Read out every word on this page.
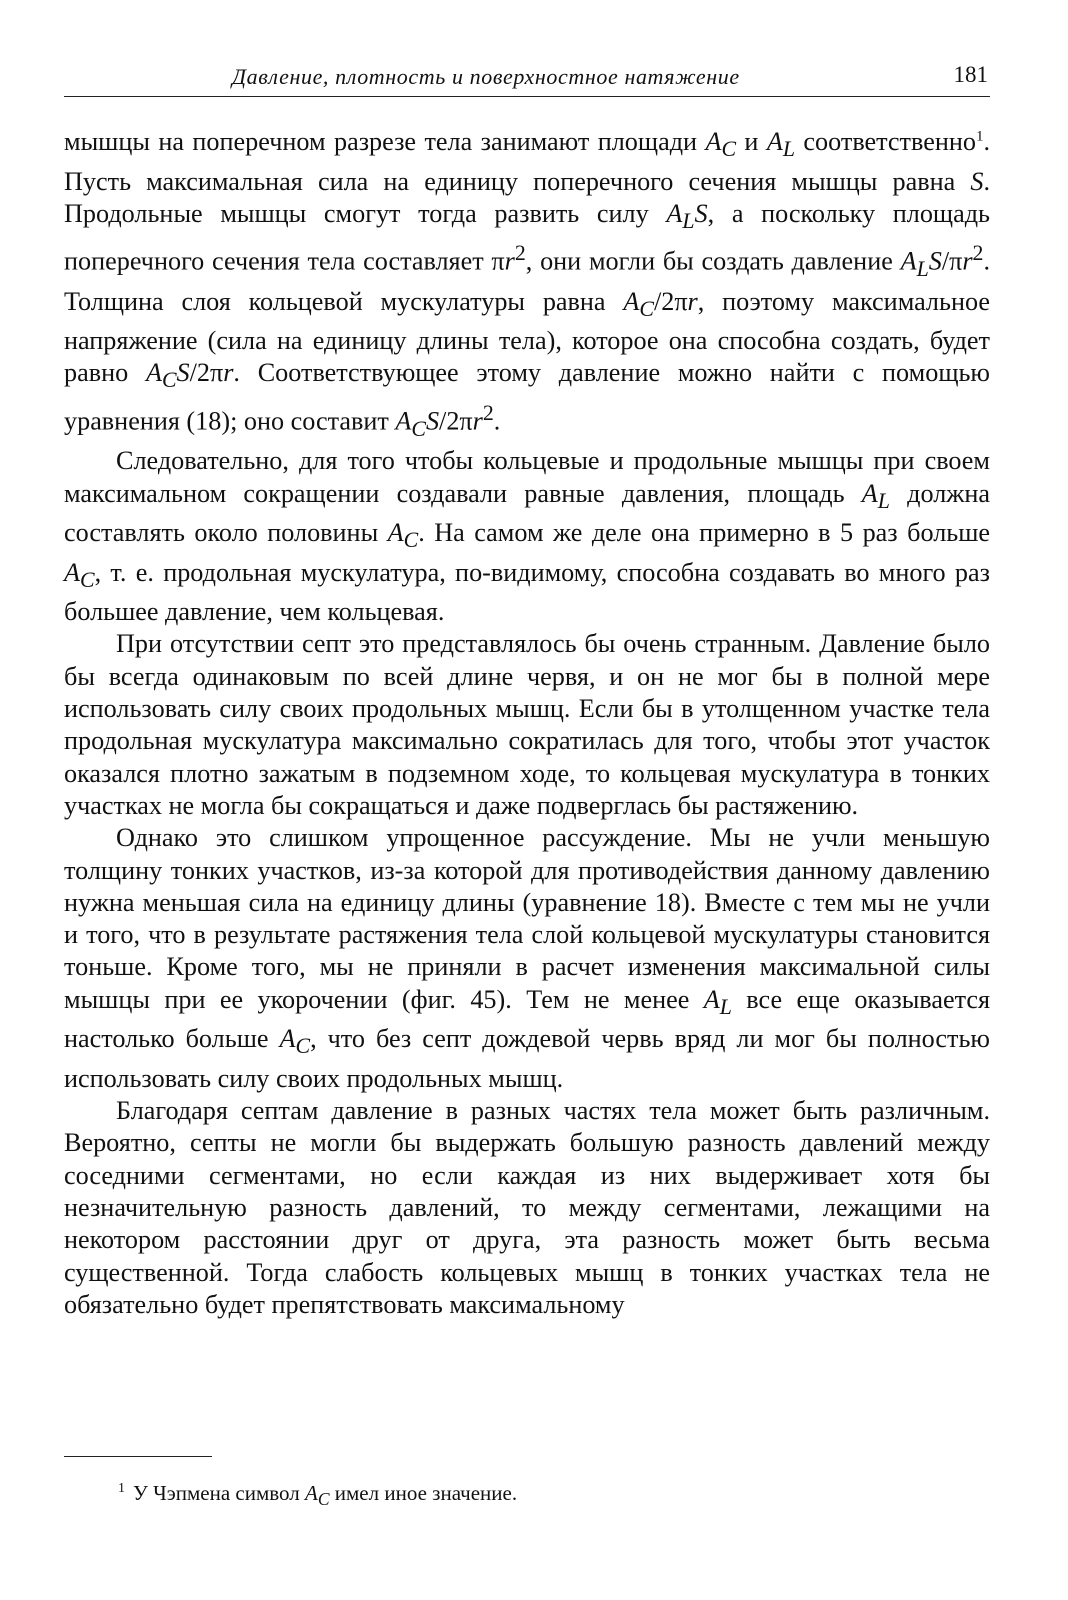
Давление, плотность и поверхностное натяжение	181

мышцы на поперечном разрезе тела занимают площади $A_C$ и $A_L$ соответственно$^1$. Пусть максимальная сила на единицу поперечного сечения мышцы равна S. Продольные мышцы смогут тогда развить силу $A_LS$, а поскольку площадь поперечного сечения тела составляет $\pi r^2$, они могли бы создать давление $A_LS/\pi r^2$. Толщина слоя кольцевой мускулатуры равна $A_C/2\pi r$, поэтому максимальное напряжение (сила на единицу длины тела), которое она способна создать, будет равно $A_CS/2\pi r$. Соответствующее этому давление можно найти с помощью уравнения (18); оно составит $A_CS/2\pi r^2$.

Следовательно, для того чтобы кольцевые и продольные мышцы при своем максимальном сокращении создавали равные давления, площадь $A_L$ должна составлять около половины $A_C$. На самом же деле она примерно в 5 раз больше $A_C$, т. е. продольная мускулатура, по-видимому, способна создавать во много раз большее давление, чем кольцевая.

При отсутствии септ это представлялось бы очень странным. Давление было бы всегда одинаковым по всей длине червя, и он не мог бы в полной мере использовать силу своих продольных мышц. Если бы в утолщенном участке тела продольная мускулатура максимально сократилась для того, чтобы этот участок оказался плотно зажатым в подземном ходе, то кольцевая мускулатура в тонких участках не могла бы сокращаться и даже подверглась бы растяжению.

Однако это слишком упрощенное рассуждение. Мы не учли меньшую толщину тонких участков, из-за которой для противодействия данному давлению нужна меньшая сила на единицу длины (уравнение 18). Вместе с тем мы не учли и того, что в результате растяжения тела слой кольцевой мускулатуры становится тоньше. Кроме того, мы не приняли в расчет изменения максимальной силы мышцы при ее укорочении (фиг. 45). Тем не менее $A_L$ все еще оказывается настолько больше $A_C$, что без септ дождевой червь вряд ли мог бы полностью использовать силу своих продольных мышц.

Благодаря септам давление в разных частях тела может быть различным. Вероятно, септы не могли бы выдержать большую разность давлений между соседними сегментами, но если каждая из них выдерживает хотя бы незначительную разность давлений, то между сегментами, лежащими на некотором расстоянии друг от друга, эта разность может быть весьма существенной. Тогда слабость кольцевых мышц в тонких участках тела не обязательно будет препятствовать максимальному

$^1$ У Чэпмена символ $A_C$ имел иное значение.
